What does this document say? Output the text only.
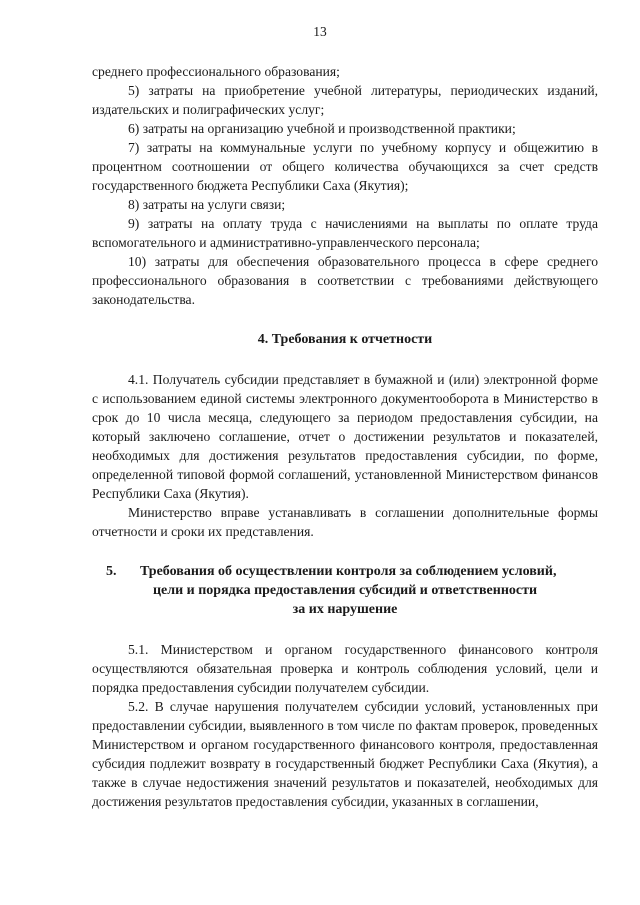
13

среднего профессионального образования;

5) затраты на приобретение учебной литературы, периодических изданий, издательских и полиграфических услуг;

6) затраты на организацию учебной и производственной практики;

7) затраты на коммунальные услуги по учебному корпусу и общежитию в процентном соотношении от общего количества обучающихся за счет средств государственного бюджета Республики Саха (Якутия);

8) затраты на услуги связи;

9) затраты на оплату труда с начислениями на выплаты по оплате труда вспомогательного и административно-управленческого персонала;

10) затраты для обеспечения образовательного процесса в сфере среднего профессионального образования в соответствии с требованиями действующего законодательства.

4. Требования к отчетности

4.1. Получатель субсидии представляет в бумажной и (или) электронной форме с использованием единой системы электронного документооборота в Министерство в срок до 10 числа месяца, следующего за периодом предоставления субсидии, на который заключено соглашение, отчет о достижении результатов и показателей, необходимых для достижения результатов предоставления субсидии, по форме, определенной типовой формой соглашений, установленной Министерством финансов Республики Саха (Якутия).

Министерство вправе устанавливать в соглашении дополнительные формы отчетности и сроки их представления.

5.	Требования об осуществлении контроля за соблюдением условий,
цели и порядка предоставления субсидий и ответственности
за их нарушение

5.1. Министерством и органом государственного финансового контроля осуществляются обязательная проверка и контроль соблюдения условий, цели и порядка предоставления субсидии получателем субсидии.

5.2. В случае нарушения получателем субсидии условий, установленных при предоставлении субсидии, выявленного в том числе по фактам проверок, проведенных Министерством и органом государственного финансового контроля, предоставленная субсидия подлежит возврату в государственный бюджет Республики Саха (Якутия), а также в случае недостижения значений результатов и показателей, необходимых для достижения результатов предоставления субсидии, указанных в соглашении,
